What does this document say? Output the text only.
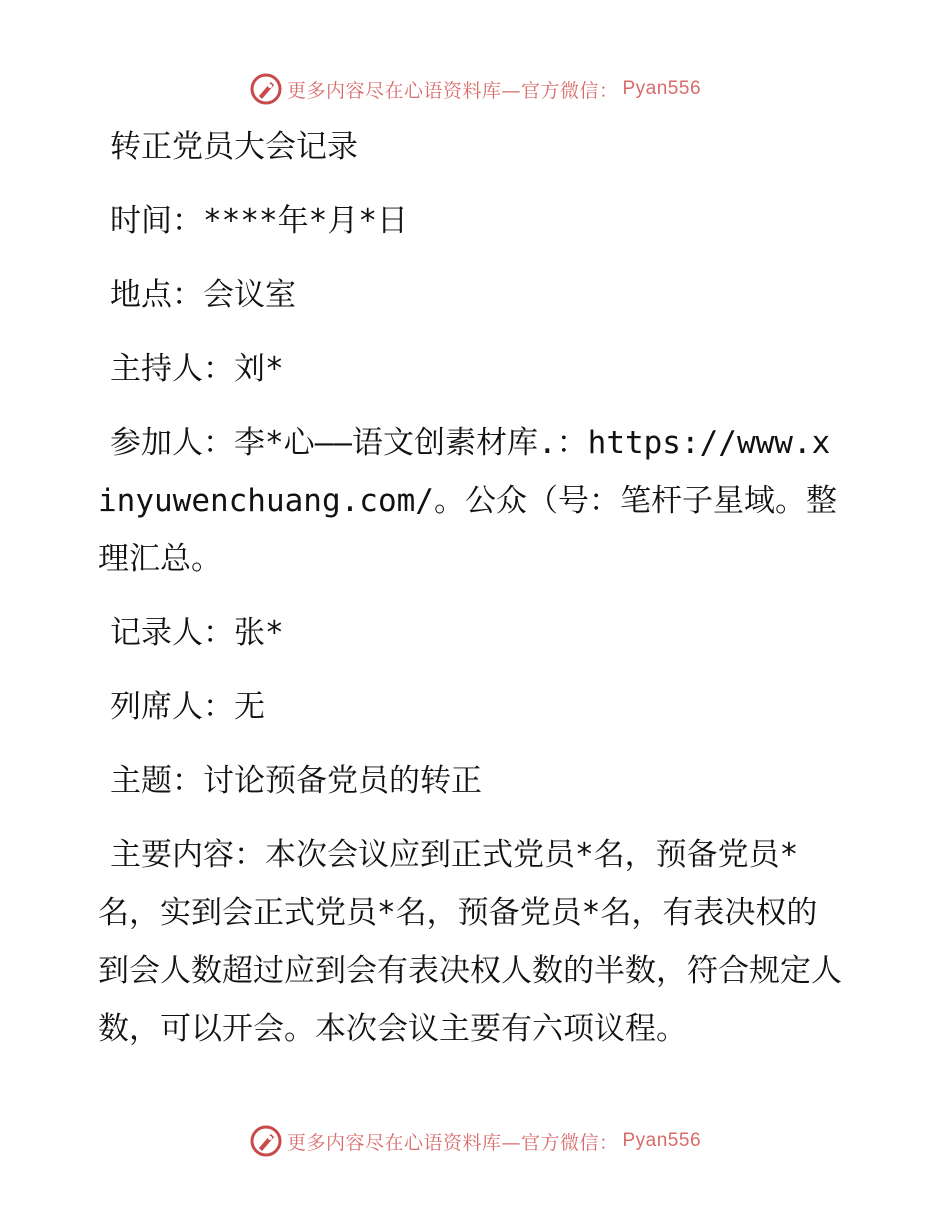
更多内容尽在心语资料库—官方微信： Pyan556
转正党员大会记录
时间：****年*月*日
地点：会议室
主持人：刘*
参加人：李*心——语文创素材库.：https://www.xinyuwenchuang.com/。公众（号：笔杆子星域。整理汇总。
记录人：张*
列席人：无
主题：讨论预备党员的转正
主要内容：本次会议应到正式党员*名，预备党员*名，实到会正式党员*名，预备党员*名，有表决权的到会人数超过应到会有表决权人数的半数，符合规定人数，可以开会。本次会议主要有六项议程。
更多内容尽在心语资料库—官方微信： Pyan556
